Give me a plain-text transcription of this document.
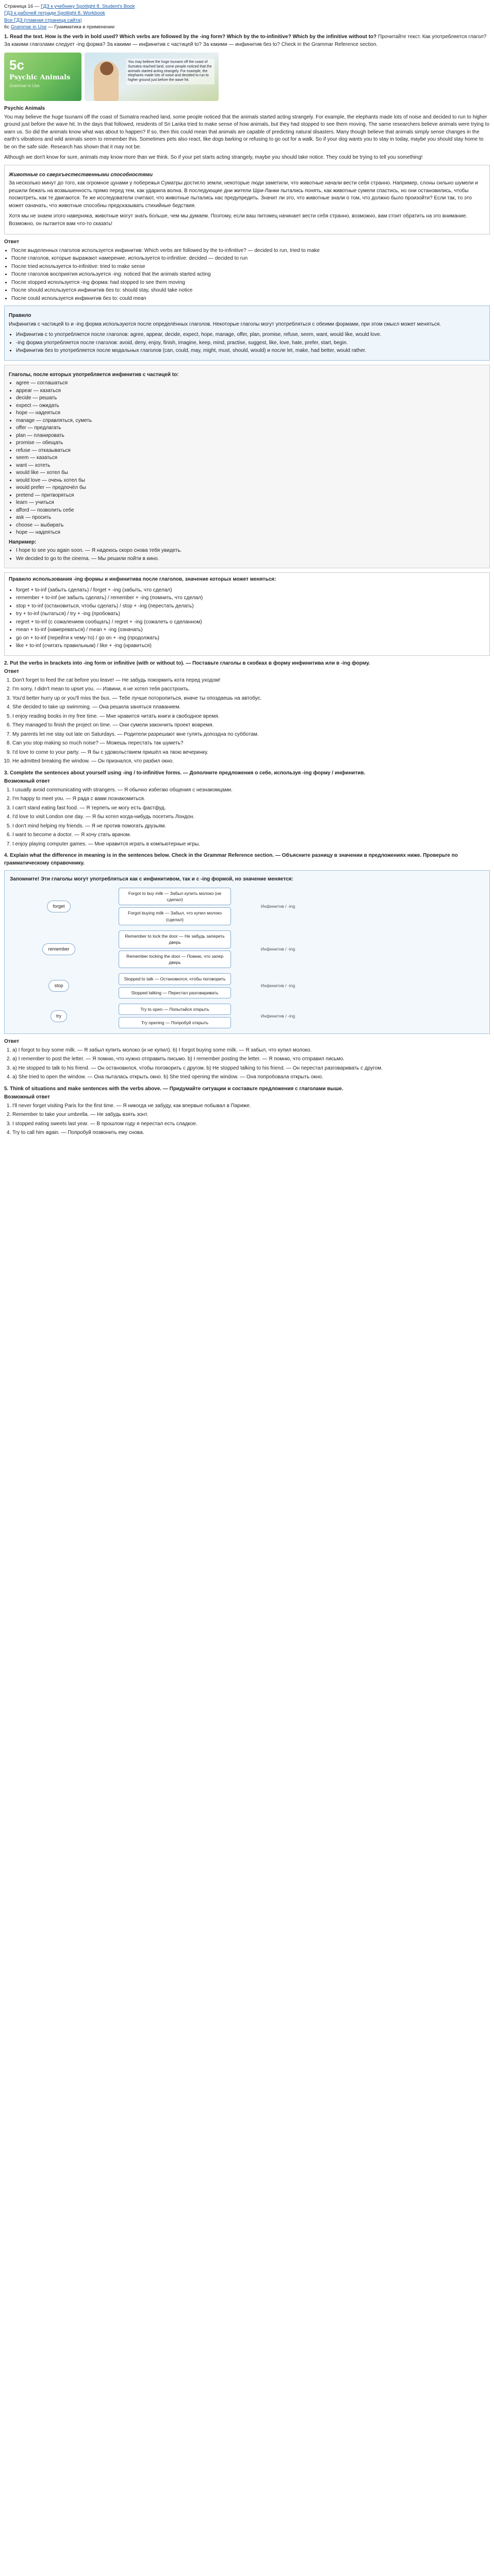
Страница 16 — ГДЗ к учебнику Spotlight 8. Student's Book
ГДЗ к рабочей тетради Spotlight 8. Workbook
Все ГДЗ (главная страница сайта)
6с Grammar in Use — Грамматика в применении
1. Read the text. How is the verb in bold used? Which verbs are followed by the -ing form? Which by the to-infinitive? Which by the infinitive without to? Прочитайте текст. Как употребляется глагол? За какими глаголами следует -ing форма? За какими — инфинитив с частицей to? За какими — инфинитив без to? Check in the Grammar Reference section.
5c
Psychic Animals
Grammar in Use
You may believe the huge tsunami off the coast of Sumatra reached land, some people noticed that the animals started acting strangely. For example, the elephants made lots of noise and decided to run to higher ground just before the wave hit.
Psychic Animals

You may believe the huge tsunami off the coast of Sumatra reached land, some people noticed that the animals started acting strangely. For example, the elephants made lots of noise and decided to run to higher ground just before the wave hit. In the days that followed, residents of Sri Lanka tried to make sense of how animals, but they had stopped to see them moving. The same researchers believe animals were trying to warn us. So did the animals know what was about to happen? If so, then this could mean that animals are capable of predicting natural disasters. Many though believe that animals simply sense changes in the earth's vibrations and wild animals seem to remember this. Sometimes pets also react, like dogs barking or refusing to go out for a walk. So if your dog wants you to stay in today, maybe you should stay home to be on the safe side. Research has shown that it may not be.

Although we don't know for sure, animals may know more than we think. So if your pet starts acting strangely, maybe you should take notice. They could be trying to tell you something!

Животные со сверхъестественными способностями

За несколько минут до того, как огромное цунами у побережья Суматры достигло земли, некоторые люди заметили, что животные начали вести себя странно. Например, слоны сильно шумели и решили бежать на возвышенность прямо перед тем, как ударила волна. В последующие дни жители Шри-Ланки пытались понять, как животные сумели спастись, но они остановились, чтобы посмотреть, как те двигаются. Те же исследователи считают, что животные пытались нас предупредить. Значит ли это, что животные знали о том, что должно было произойти? Если так, то это может означать, что животные способны предсказывать стихийные бедствия.

Хотя мы не знаем этого наверняка, животные могут знать больше, чем мы думаем. Поэтому, если ваш питомец начинает вести себя странно, возможно, вам стоит обратить на это внимание. Возможно, он пытается вам что-то сказать!

Ответ
• После выделенных глаголов используется инфинитив: Which verbs are followed by the to-infinitive? — decided to run, tried to make
• После глаголов, которые выражают намерение, используется to-infinitive: decided — decided to run
• После tried используется to-infinitive: tried to make sense
• После глаголов восприятия используется -ing: noticed that the animals started acting
• После stopped используется -ing форма: had stopped to see them moving
• После should используется инфинитив без to: should stay, should take notice
• После could используется инфинитив без to: could mean
Правило

Инфинитив с частицей to и -ing форма используются после определённых глаголов. Некоторые глаголы могут употребляться с обеими формами, при этом смысл может меняться.

• Инфинитив с to употребляется после глаголов: agree, appear, decide, expect, hope, manage, offer, plan, promise, refuse, seem, want, would like, would love.
• -ing форма употребляется после глаголов: avoid, deny, enjoy, finish, imagine, keep, mind, practise, suggest, like, love, hate, prefer, start, begin.
• Инфинитив без to употребляется после модальных глаголов (can, could, may, might, must, should, would) и после let, make, had better, would rather.
Глаголы, после которых употребляется инфинитив с частицей to:
• agree — соглашаться
• appear — казаться
• decide — решать
• expect — ожидать
• hope — надеяться
• manage — справляться, суметь
• offer — предлагать
• plan — планировать
• promise — обещать
• refuse — отказываться
• seem — казаться
• want — хотеть
• would like — хотел бы
• would love — очень хотел бы
• would prefer — предпочёл бы
• pretend — притворяться
• learn — учиться
• afford — позволить себе
• ask — просить
• choose — выбирать
• hope — надеяться
Например:
• I hope to see you again soon. — Я надеюсь скоро снова тебя увидеть.
• We decided to go to the cinema. — Мы решили пойти в кино.

Правило использования -ing формы и инфинитива после глаголов, значение которых может меняться:

• forget + to-inf (забыть сделать) / forget + -ing (забыть, что сделал)
• remember + to-inf (не забыть сделать) / remember + -ing (помнить, что сделал)
• stop + to-inf (остановиться, чтобы сделать) / stop + -ing (перестать делать)
• try + to-inf (пытаться) / try + -ing (пробовать)
• regret + to-inf (с сожалением сообщать) / regret + -ing (сожалеть о сделанном)
• mean + to-inf (намереваться) / mean + -ing (означать)
• go on + to-inf (перейти к чему-то) / go on + -ing (продолжать)
• like + to-inf (считать правильным) / like + -ing (нравиться)
2. Put the verbs in brackets into -ing form or infinitive (with or without to). — Поставьте глаголы в скобках в форму инфинитива или в -ing форму.
Ответ
1. Don't forget to feed the cat before you leave! — Не забудь покормить кота перед уходом!
2. I'm sorry, I didn't mean to upset you. — Извини, я не хотел тебя расстроить.
3. You'd better hurry up or you'll miss the bus. — Тебе лучше поторопиться, иначе ты опоздаешь на автобус.
4. She decided to take up swimming. — Она решила заняться плаванием.
5. I enjoy reading books in my free time. — Мне нравится читать книги в свободное время.
6. They managed to finish the project on time. — Они сумели закончить проект вовремя.
7. My parents let me stay out late on Saturdays. — Родители разрешают мне гулять допоздна по субботам.
8. Can you stop making so much noise? — Можешь перестать так шуметь?
9. I'd love to come to your party. — Я бы с удовольствием пришёл на твою вечеринку.
10. He admitted breaking the window. — Он признался, что разбил окно.
3. Complete the sentences about yourself using -ing / to-infinitive forms. — Дополните предложения о себе, используя -ing форму / инфинитив.
Возможный ответ
1. I usually avoid communicating with strangers. — Я обычно избегаю общения с незнакомцами.
2. I'm happy to meet you. — Я рада с вами познакомиться.
3. I can't stand eating fast food. — Я терпеть не могу есть фастфуд.
4. I'd love to visit London one day. — Я бы хотел когда-нибудь посетить Лондон.
5. I don't mind helping my friends. — Я не против помогать друзьям.
6. I want to become a doctor. — Я хочу стать врачом.
7. I enjoy playing computer games. — Мне нравится играть в компьютерные игры.
4. Explain what the difference in meaning is in the sentences below. Check in the Grammar Reference section. — Объясните разницу в значении в предложениях ниже. Проверьте по грамматическому справочнику.
Запомните! Эти глаголы могут употребляться как с инфинитивом, так и с -ing формой, но значение меняется:
forget
Forgot to buy milk — Забыл купить молоко (не сделал)
Forgot buying milk — Забыл, что купил молоко (сделал)
Инфинитив / -ing
remember
Remember to lock the door — Не забудь запереть дверь
Remember locking the door — Помню, что запер дверь
Инфинитив / -ing
stop
Stopped to talk — Остановился, чтобы поговорить
Stopped talking — Перестал разговаривать
Инфинитив / -ing
try
Try to open — Попытайся открыть
Try opening — Попробуй открыть
Инфинитив / -ing
Ответ
1. a) I forgot to buy some milk. — Я забыл купить молоко (и не купил). b) I forgot buying some milk. — Я забыл, что купил молоко.
2. a) I remember to post the letter. — Я помню, что нужно отправить письмо. b) I remember posting the letter. — Я помню, что отправил письмо.
3. a) He stopped to talk to his friend. — Он остановился, чтобы поговорить с другом. b) He stopped talking to his friend. — Он перестал разговаривать с другом.
4. a) She tried to open the window. — Она пыталась открыть окно. b) She tried opening the window. — Она попробовала открыть окно.
5. Think of situations and make sentences with the verbs above. — Придумайте ситуации и составьте предложения с глаголами выше.
Возможный ответ
1. I'll never forget visiting Paris for the first time. — Я никогда не забуду, как впервые побывал в Париже.
2. Remember to take your umbrella. — Не забудь взять зонт.
3. I stopped eating sweets last year. — В прошлом году я перестал есть сладкое.
4. Try to call him again. — Попробуй позвонить ему снова.
